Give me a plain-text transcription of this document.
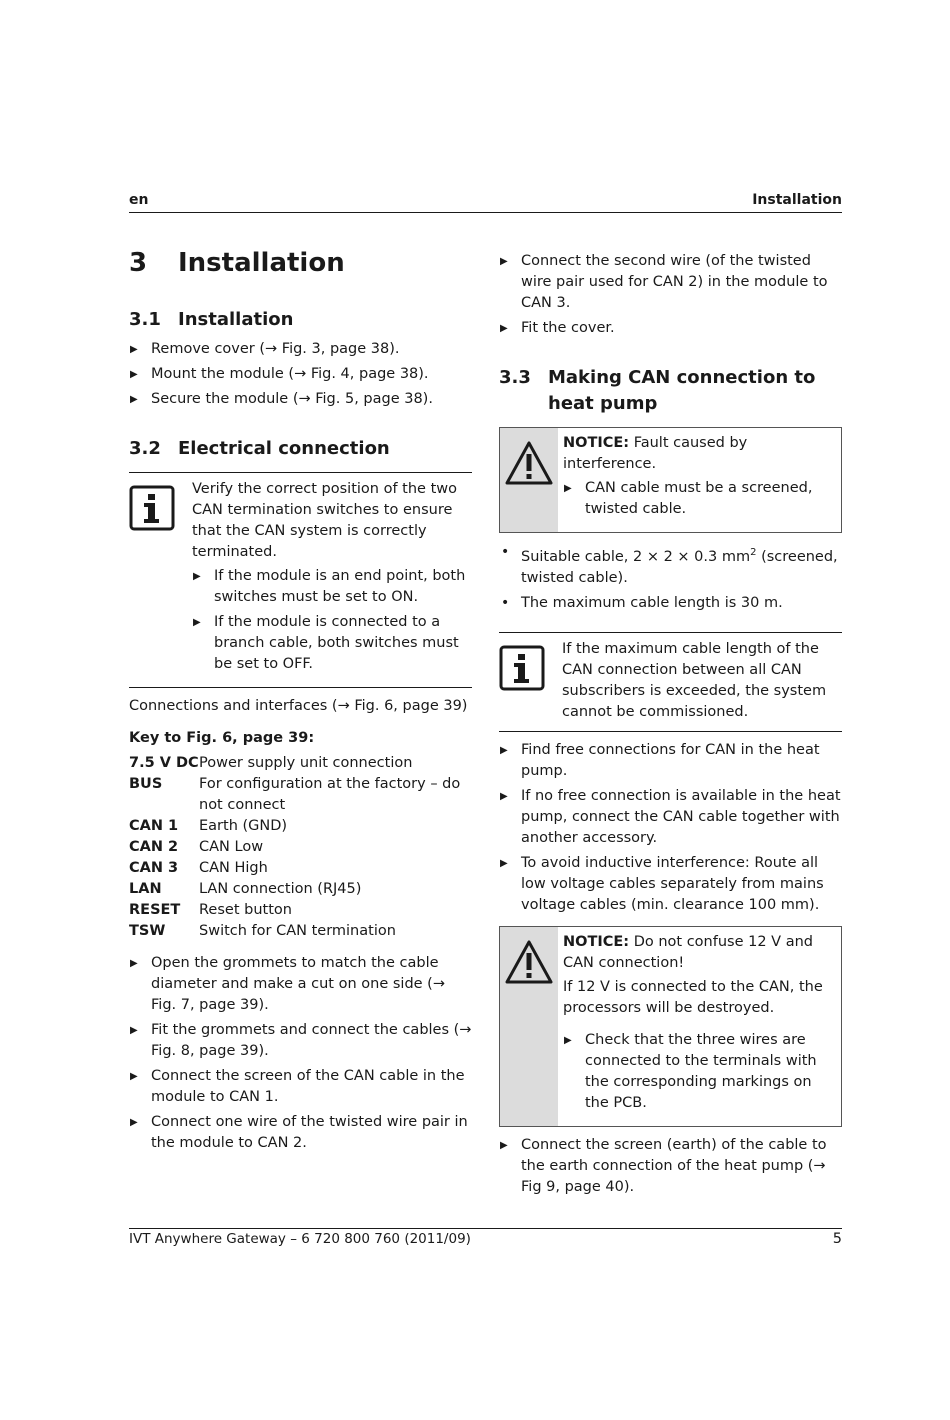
en	Installation
3	Installation
3.1 Installation
▶ Remove cover (→ Fig. 3, page 38).
▶ Mount the module (→ Fig. 4, page 38).
▶ Secure the module (→ Fig. 5, page 38).
3.2 Electrical connection

Verify the correct position of the two CAN termination switches to ensure that the CAN system is correctly terminated.

▶ If the module is an end point, both switches must be set to ON.
▶ If the module is connected to a branch cable, both switches must be set to OFF.

Connections and interfaces (→ Fig. 6, page 39)

Key to Fig. 6, page 39:

7.5 V DC	Power supply unit connection
BUS	For configuration at the factory – do not connect
CAN 1	Earth (GND)
CAN 2	CAN Low
CAN 3	CAN High
LAN	LAN connection (RJ45)
RESET	Reset button
TSW	Switch for CAN termination
▶ Open the grommets to match the cable diameter and make a cut on one side (→ Fig. 7, page 39).
▶ Fit the grommets and connect the cables (→ Fig. 8, page 39).
▶ Connect the screen of the CAN cable in the module to CAN 1.
▶ Connect one wire of the twisted wire pair in the module to CAN 2.
▶ Connect the second wire (of the twisted wire pair used for CAN 2) in the module to CAN 3.
▶ Fit the cover.
3.3 Making CAN connection to heat pump

NOTICE: Fault caused by interference.

▶ CAN cable must be a screened, twisted cable.
• Suitable cable, 2 × 2 × 0.3 $mm^2$ (screened, twisted cable).
• The maximum cable length is 30 m.

If the maximum cable length of the CAN connection between all CAN subscribers is exceeded, the system cannot be commissioned.

▶ Find free connections for CAN in the heat pump.
▶ If no free connection is available in the heat pump, connect the CAN cable together with another accessory.
▶ To avoid inductive interference: Route all low voltage cables separately from mains voltage cables (min. clearance 100 mm).

NOTICE: Do not confuse 12 V and CAN connection!

If 12 V is connected to the CAN, the processors will be destroyed.

▶ Check that the three wires are connected to the terminals with the corresponding markings on the PCB.
▶ Connect the screen (earth) of the cable to the earth connection of the heat pump (→ Fig 9, page 40).
IVT Anywhere Gateway – 6 720 800 760 (2011/09)	5
